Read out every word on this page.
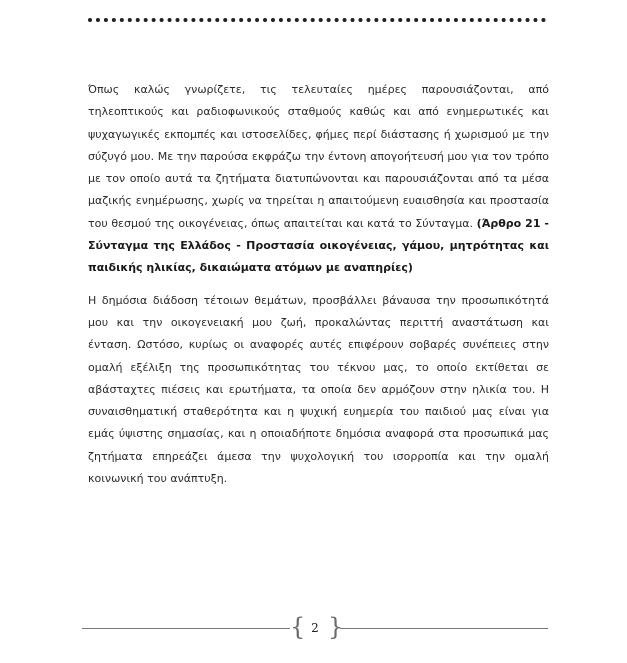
Όπως καλώς γνωρίζετε, τις τελευταίες ημέρες παρουσιάζονται, από τηλεοπτικούς και ραδιοφωνικούς σταθμούς καθώς και από ενημερωτικές και ψυχαγωγικές εκπομπές και ιστοσελίδες, φήμες περί διάστασης ή χωρισμού με την σύζυγό μου. Με την παρούσα εκφράζω την έντονη απογοήτευσή μου για τον τρόπο με τον οποίο αυτά τα ζητήματα διατυπώνονται και παρουσιάζονται από τα μέσα μαζικής ενημέρωσης, χωρίς να τηρείται η απαιτούμενη ευαισθησία και προστασία του θεσμού της οικογένειας, όπως απαιτείται και κατά το Σύνταγμα. (Άρθρο 21 - Σύνταγμα της Ελλάδος - Προστασία οικογένειας, γάμου, μητρότητας και παιδικής ηλικίας, δικαιώματα ατόμων με αναπηρίες)

Η δημόσια διάδοση τέτοιων θεμάτων, προσβάλλει βάναυσα την προσωπικότητά μου και την οικογενειακή μου ζωή, προκαλώντας περιττή αναστάτωση και ένταση. Ωστόσο, κυρίως οι αναφορές αυτές επιφέρουν σοβαρές συνέπειες στην ομαλή εξέλιξη της προσωπικότητας του τέκνου μας, το οποίο εκτίθεται σε αβάσταχτες πιέσεις και ερωτήματα, τα οποία δεν αρμόζουν στην ηλικία του. Η συναισθηματική σταθερότητα και η ψυχική ευημερία του παιδιού μας είναι για εμάς ύψιστης σημασίας, και η οποιαδήποτε δημόσια αναφορά στα προσωπικά μας ζητήματα επηρεάζει άμεσα την ψυχολογική του ισορροπία και την ομαλή κοινωνική του ανάπτυξη.

{ 2 }
